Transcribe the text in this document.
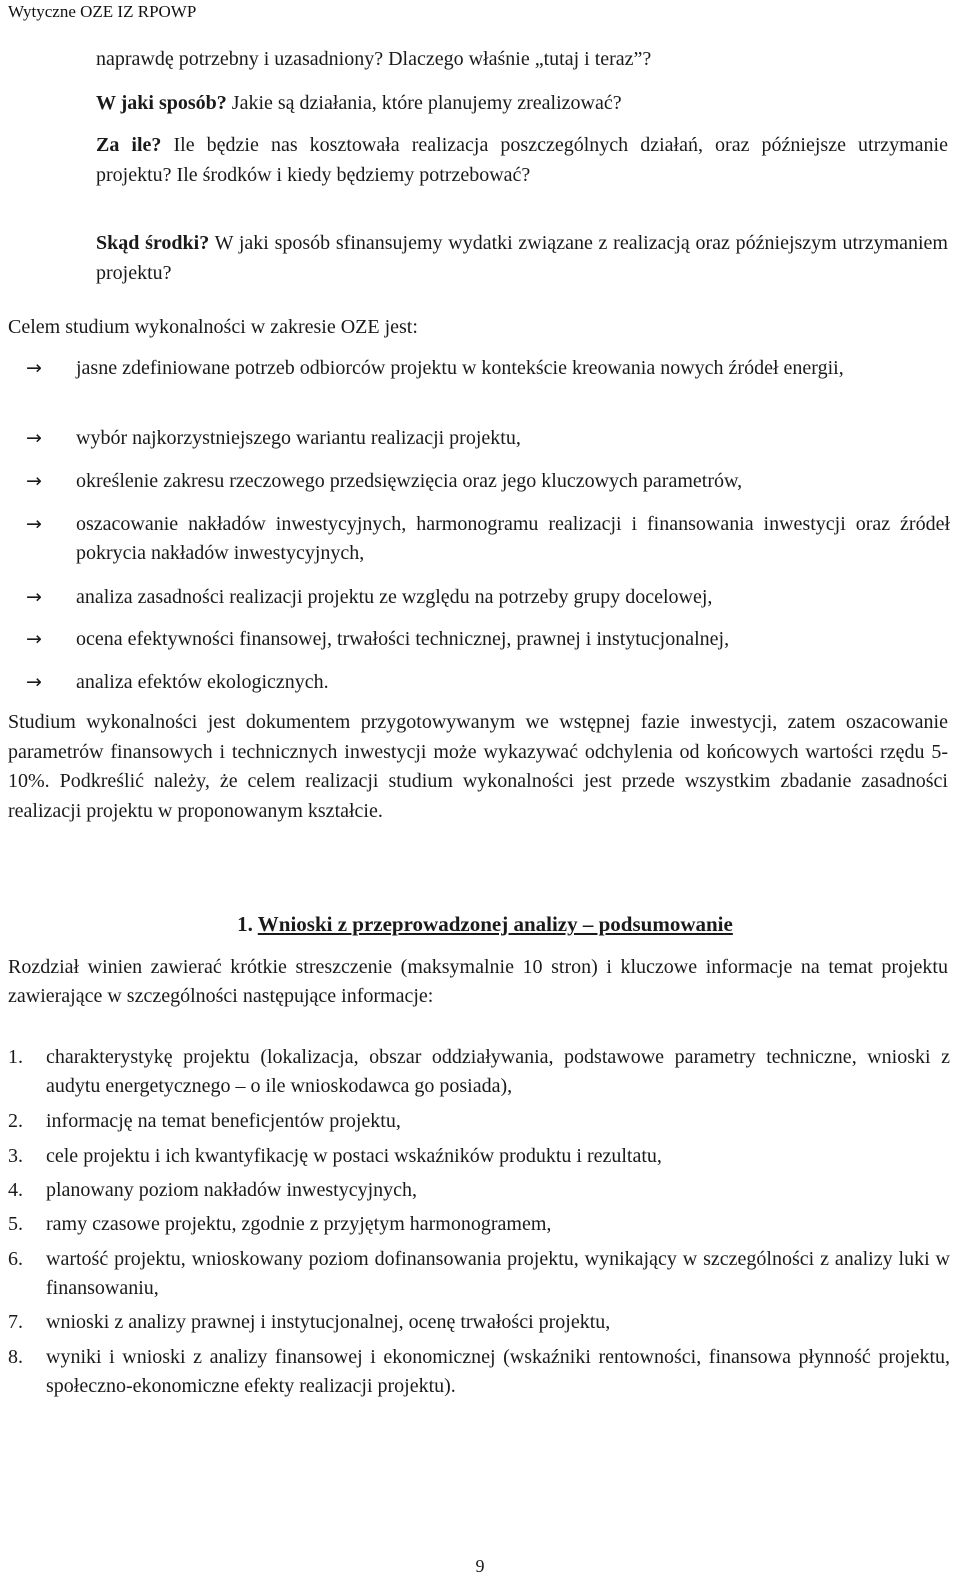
Wytyczne OZE IZ RPOWP

naprawdę potrzebny i uzasadniony? Dlaczego właśnie „tutaj i teraz”?

W jaki sposób? Jakie są działania, które planujemy zrealizować?

Za ile? Ile będzie nas kosztowała realizacja poszczególnych działań, oraz późniejsze utrzymanie projektu? Ile środków i kiedy będziemy potrzebować?

Skąd środki? W jaki sposób sfinansujemy wydatki związane z realizacją oraz późniejszym utrzymaniem projektu?

Celem studium wykonalności w zakresie OZE jest:

→	jasne zdefiniowane potrzeb odbiorców projektu w kontekście kreowania nowych źródeł energii,
→	wybór najkorzystniejszego wariantu realizacji projektu,
→	określenie zakresu rzeczowego przedsięwzięcia oraz jego kluczowych parametrów,
→	oszacowanie nakładów inwestycyjnych, harmonogramu realizacji i finansowania inwestycji oraz źródeł pokrycia nakładów inwestycyjnych,
→	analiza zasadności realizacji projektu ze względu na potrzeby grupy docelowej,
→	ocena efektywności finansowej, trwałości technicznej, prawnej i instytucjonalnej,
→	analiza efektów ekologicznych.

Studium wykonalności jest dokumentem przygotowywanym we wstępnej fazie inwestycji, zatem oszacowanie parametrów finansowych i technicznych inwestycji może wykazywać odchylenia od końcowych wartości rzędu 5-10%. Podkreślić należy, że celem realizacji studium wykonalności jest przede wszystkim zbadanie zasadności realizacji projektu w proponowanym kształcie.

1. Wnioski z przeprowadzonej analizy – podsumowanie

Rozdział winien zawierać krótkie streszczenie (maksymalnie 10 stron) i kluczowe informacje na temat projektu zawierające w szczególności następujące informacje:

1.	charakterystykę projektu (lokalizacja, obszar oddziaływania, podstawowe parametry techniczne, wnioski z audytu energetycznego – o ile wnioskodawca go posiada),
2.	informację na temat beneficjentów projektu,
3.	cele projektu i ich kwantyfikację w postaci wskaźników produktu i rezultatu,
4.	planowany poziom nakładów inwestycyjnych,
5.	ramy czasowe projektu, zgodnie z przyjętym harmonogramem,
6.	wartość projektu, wnioskowany poziom dofinansowania projektu, wynikający w szczególności z analizy luki w finansowaniu,
7.	wnioski z analizy prawnej i instytucjonalnej, ocenę trwałości projektu,
8.	wyniki i wnioski z analizy finansowej i ekonomicznej (wskaźniki rentowności, finansowa płynność projektu, społeczno-ekonomiczne efekty realizacji projektu).
9
